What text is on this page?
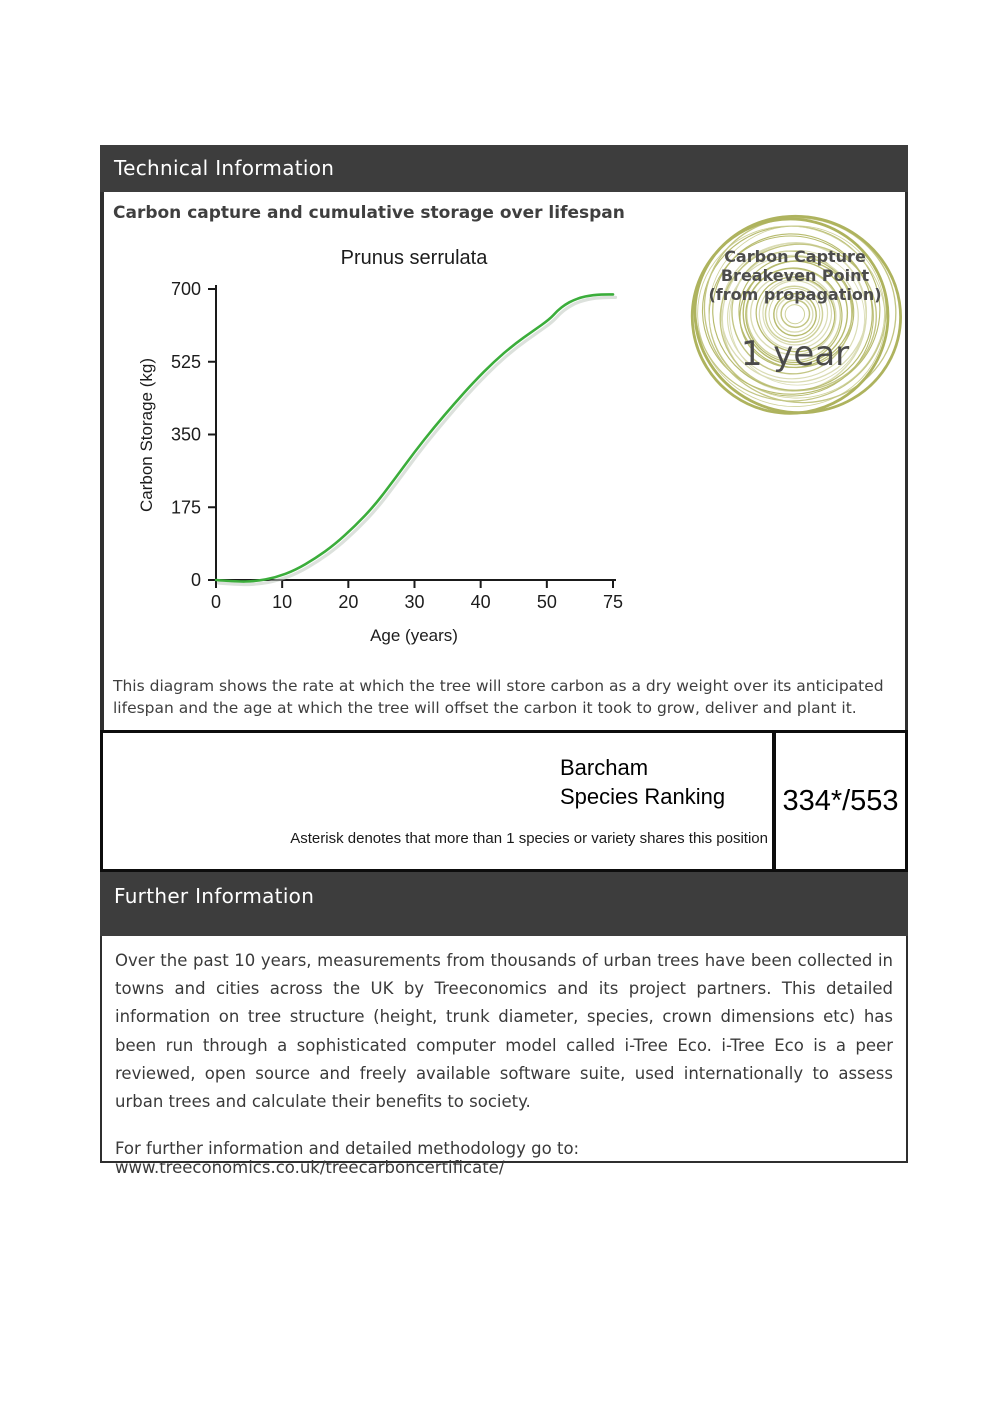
Technical Information
Carbon capture and cumulative storage over lifespan
Prunus serrulata
Carbon Storage (kg)
Age (years)
0
175
350
525
700
0	10	20	30	40	50	75
Carbon Capture
Breakeven Point
(from propagation)
1 year
This diagram shows the rate at which the tree will store carbon as a dry weight over its anticipated
lifespan and the age at which the tree will offset the carbon it took to grow, deliver and plant it.
Barcham
Species Ranking
Asterisk denotes that more than 1 species or variety shares this position
334*/553
Further Information

Over the past 10 years, measurements from thousands of urban trees have been collected in towns and cities across the UK by Treeconomics and its project partners. This detailed information on tree structure (height, trunk diameter, species, crown dimensions etc) has been run through a sophisticated computer model called i-Tree Eco. i-Tree Eco is a peer reviewed, open source and freely available software suite, used internationally to assess urban trees and calculate their benefits to society.

For further information and detailed methodology go to: www.treeconomics.co.uk/treecarboncertificate/
